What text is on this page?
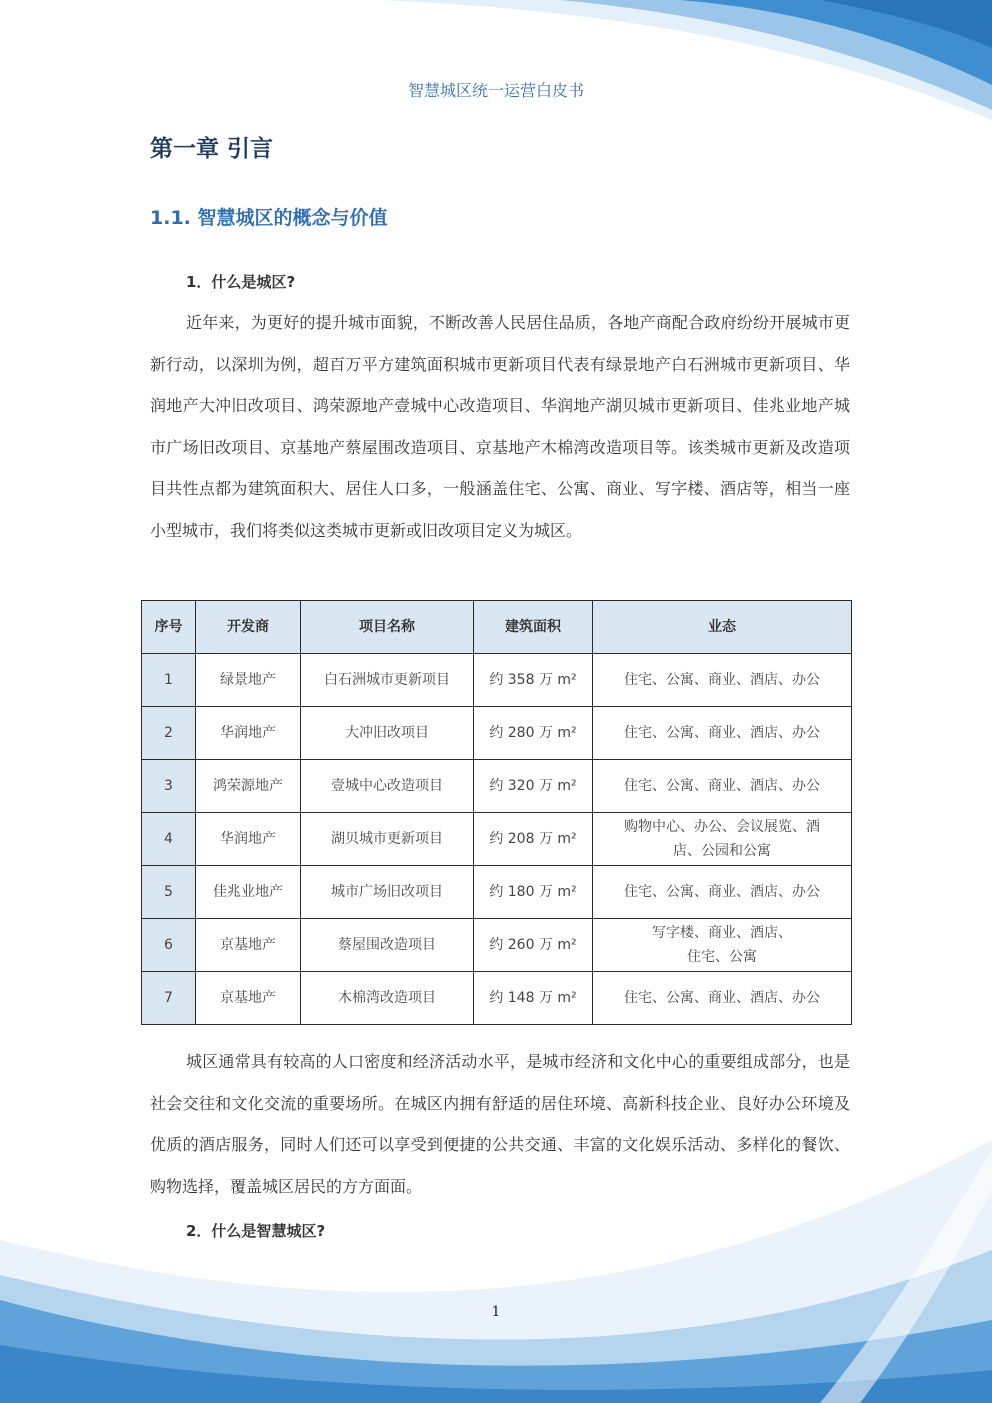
智慧城区统一运营白皮书
第一章 引言
1.1. 智慧城区的概念与价值
1．什么是城区?

近年来，为更好的提升城市面貌，不断改善人民居住品质，各地产商配合政府纷纷开展城市更新行动，以深圳为例，超百万平方建筑面积城市更新项目代表有绿景地产白石洲城市更新项目、华润地产大冲旧改项目、鸿荣源地产壹城中心改造项目、华润地产湖贝城市更新项目、佳兆业地产城市广场旧改项目、京基地产蔡屋围改造项目、京基地产木棉湾改造项目等。该类城市更新及改造项目共性点都为建筑面积大、居住人口多，一般涵盖住宅、公寓、商业、写字楼、酒店等，相当一座小型城市，我们将类似这类城市更新或旧改项目定义为城区。

序号	开发商	项目名称	建筑面积	业态
1	绿景地产	白石洲城市更新项目	约 358 万 m²	住宅、公寓、商业、酒店、办公
2	华润地产	大冲旧改项目	约 280 万 m²	住宅、公寓、商业、酒店、办公
3	鸿荣源地产	壹城中心改造项目	约 320 万 m²	住宅、公寓、商业、酒店、办公
4	华润地产	湖贝城市更新项目	约 208 万 m²	购物中心、办公、会议展览、酒店、公园和公寓
5	佳兆业地产	城市广场旧改项目	约 180 万 m²	住宅、公寓、商业、酒店、办公
6	京基地产	蔡屋围改造项目	约 260 万 m²	写字楼、商业、酒店、住宅、公寓
7	京基地产	木棉湾改造项目	约 148 万 m²	住宅、公寓、商业、酒店、办公

城区通常具有较高的人口密度和经济活动水平，是城市经济和文化中心的重要组成部分，也是社会交往和文化交流的重要场所。在城区内拥有舒适的居住环境、高新科技企业、良好办公环境及优质的酒店服务，同时人们还可以享受到便捷的公共交通、丰富的文化娱乐活动、多样化的餐饮、购物选择，覆盖城区居民的方方面面。

2．什么是智慧城区?
1
